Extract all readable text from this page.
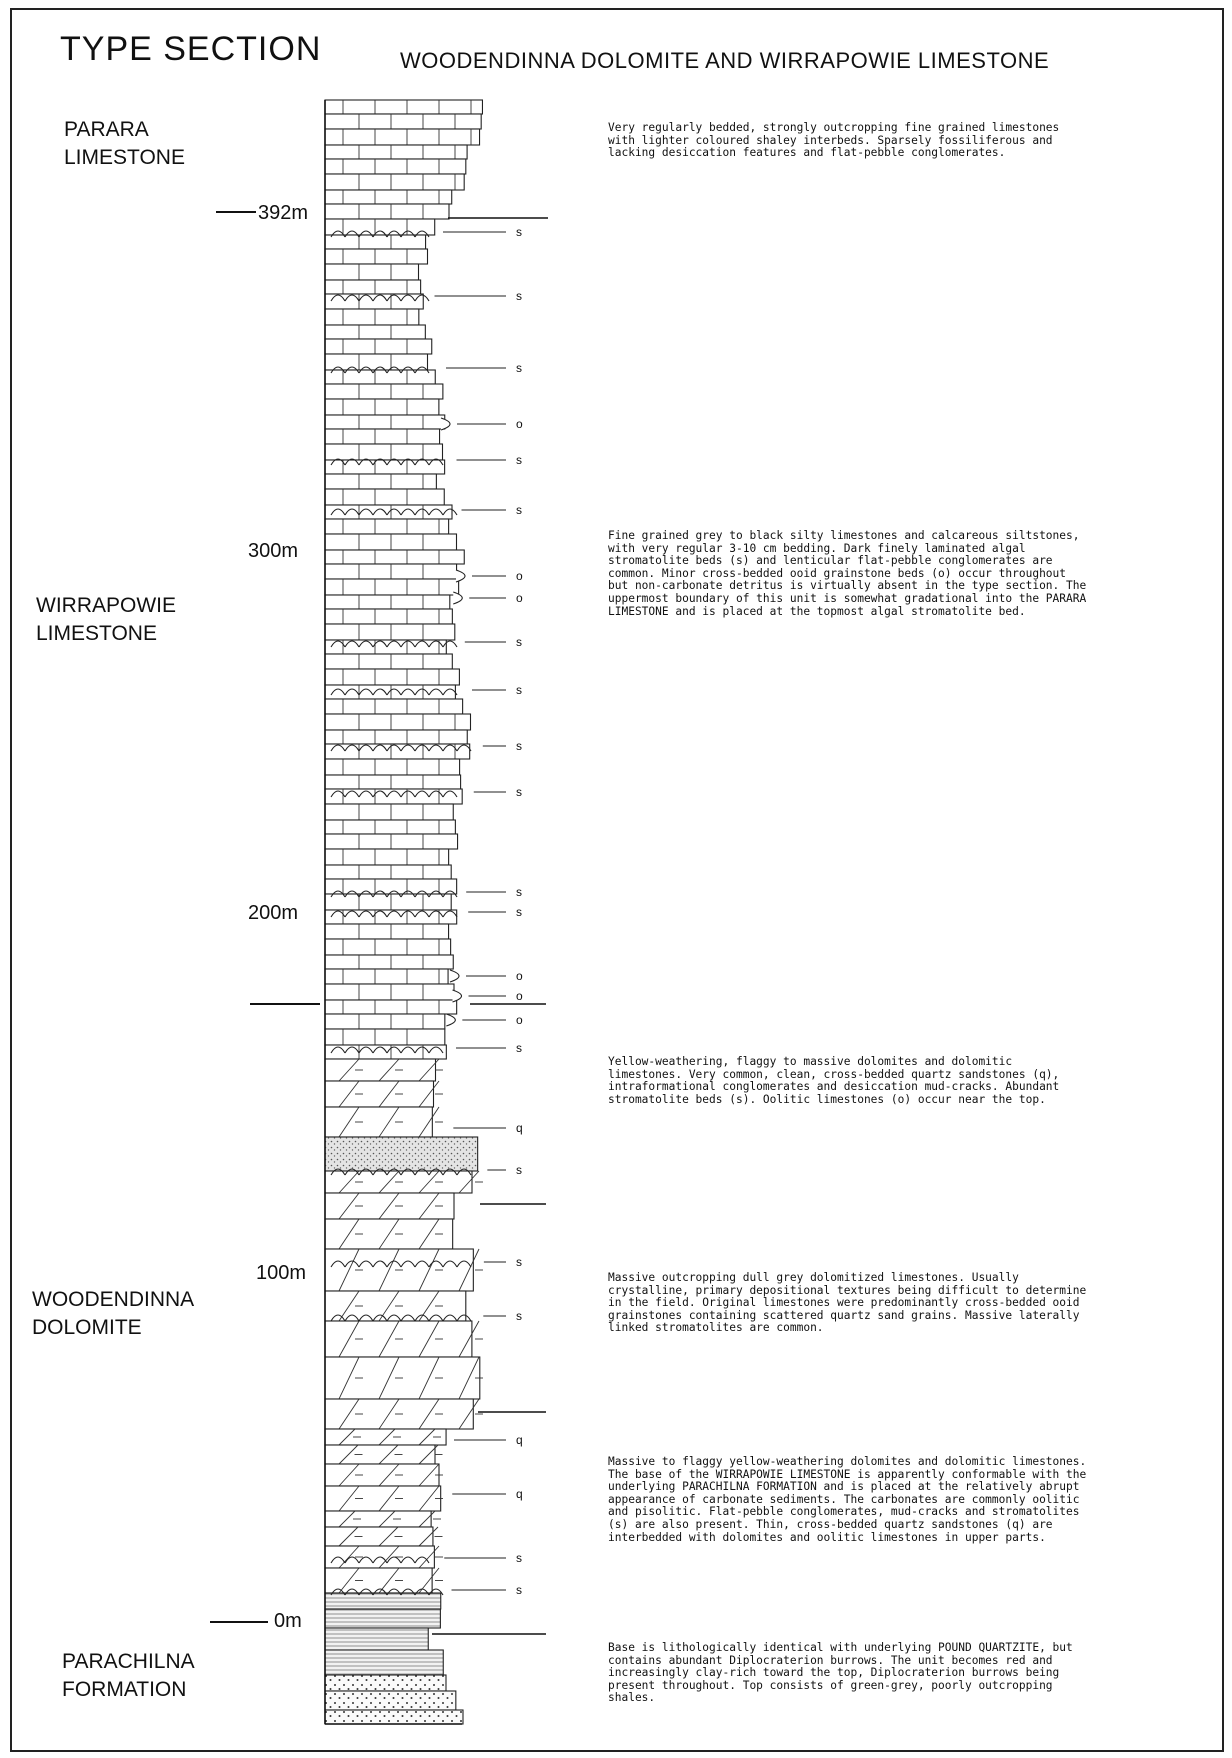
TYPE SECTION	WOODENDINNA DOLOMITE AND WIRRAPOWIE LIMESTONE
PARARA
LIMESTONE
WIRRAPOWIE
LIMESTONE
WOODENDINNA
DOLOMITE
PARACHILNA
FORMATION
392m
300m
200m
100m
0m
Very regularly bedded, strongly outcropping fine grained limestones with lighter coloured shaley interbeds. Sparsely fossiliferous and lacking desiccation features and flat-pebble conglomerates.
Fine grained grey to black silty limestones and calcareous siltstones, with very regular 3-10 cm bedding. Dark finely laminated algal stromatolite beds (s) and lenticular flat-pebble conglomerates are common. Minor cross-bedded ooid grainstone beds (o) occur throughout but non-carbonate detritus is virtually absent in the type section. The uppermost boundary of this unit is somewhat gradational into the PARARA LIMESTONE and is placed at the topmost algal stromatolite bed.
Yellow-weathering, flaggy to massive dolomites and dolomitic limestones. Very common, clean, cross-bedded quartz sandstones (q), intraformational conglomerates and desiccation mud-cracks. Abundant stromatolite beds (s). Oolitic limestones (o) occur near the top.
Massive outcropping dull grey dolomitized limestones. Usually crystalline, primary depositional textures being difficult to determine in the field. Original limestones were predominantly cross-bedded ooid grainstones containing scattered quartz sand grains. Massive laterally linked stromatolites are common.
Massive to flaggy yellow-weathering dolomites and dolomitic limestones. The base of the WIRRAPOWIE LIMESTONE is apparently conformable with the underlying PARACHILNA FORMATION and is placed at the relatively abrupt appearance of carbonate sediments. The carbonates are commonly oolitic and pisolitic. Flat-pebble conglomerates, mud-cracks and stromatolites (s) are also present. Thin, cross-bedded quartz sandstones (q) are interbedded with dolomites and oolitic limestones in upper parts.
Base is lithologically identical with underlying POUND QUARTZITE, but contains abundant Diplocraterion burrows. The unit becomes red and increasingly clay-rich toward the top, Diplocraterion burrows being present throughout. Top consists of green-grey, poorly outcropping shales.
s
s
s
o
s
s
o
o
s
s
s
s
s
s
o
o
o
s
q
s
s
s
q
q
s
s
